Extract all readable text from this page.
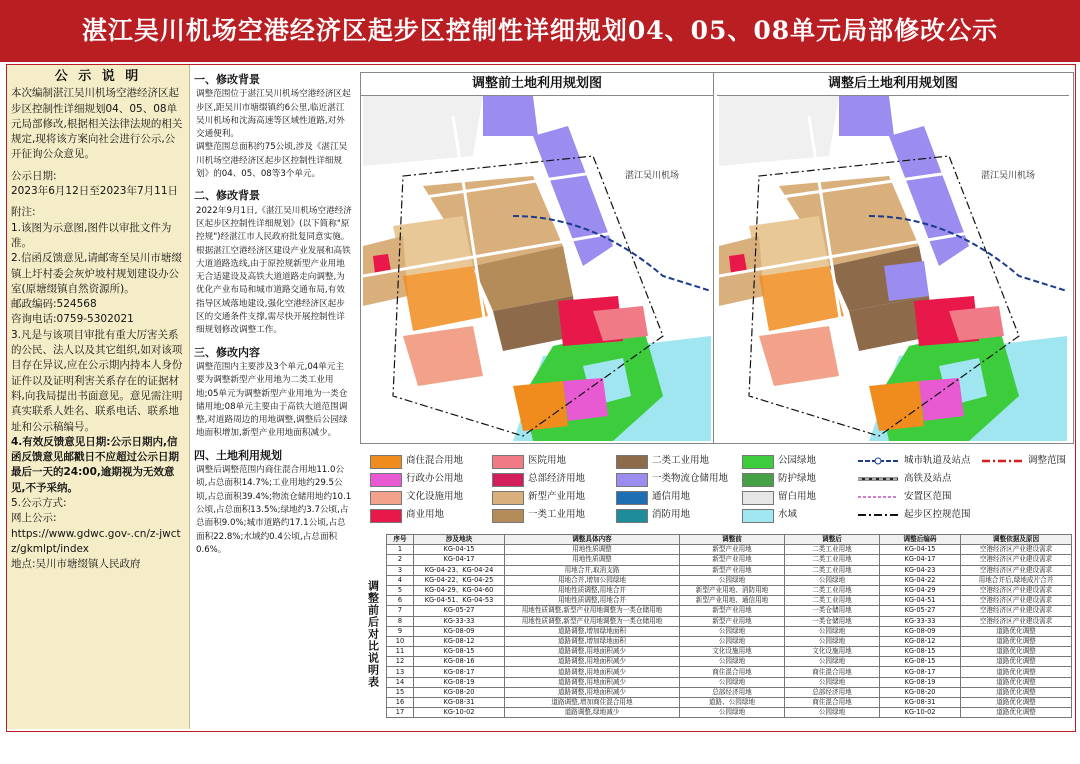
湛江吴川机场空港经济区起步区控制性详细规划04、05、08单元局部修改公示
公 示 说 明

本次编制湛江吴川机场空港经济区起步区控制性详细规划04、05、08单元局部修改,根据相关法律法规的相关规定,现将该方案向社会进行公示,公开征询公众意见。

公示日期:

2023年6月12日至2023年7月11日

附注:

1.该图为示意图,图件以审批文件为准。

2.信函反馈意见,请邮寄至吴川市塘缀镇上圩村委会灰炉坡村规划建设办公室(原塘缀镇自然资源所)。

邮政编码:524568

咨询电话:0759-5302021

3.凡是与该项目审批有重大厉害关系的公民、法人以及其它组织,如对该项目存在异议,应在公示期内持本人身份证件以及证明利害关系存在的证据材料,向我局提出书面意见。意见需注明真实联系人姓名、联系电话、联系地址和公示稿编号。

4.有效反馈意见日期:公示日期内,信函反馈意见邮戳日不应超过公示日期最后一天的24:00,逾期视为无效意见,不予采纳。

5.公示方式:

网上公示:

https://www.gdwc.gov-.cn/z-jwctz/gkmlpt/index

地点:吴川市塘缀镇人民政府

一、修改背景

调整范围位于湛江吴川机场空港经济区起步区,距吴川市塘缀镇约6公里,临近湛江吴川机场和沈海高速等区域性道路,对外交通便利。

调整范围总面积约75公顷,涉及《湛江吴川机场空港经济区起步区控制性详细规划》的04、05、08等3个单元。

二、修改背景

2022年9月1日,《湛江吴川机场空港经济区起步区控制性详细规划》(以下简称"原控规")经湛江市人民政府批复同意实施。

根据湛江空港经济区建设产业发展和高铁大道道路选线,由于原控规新型产业用地无合适建设及高铁大道道路走向调整,为优化产业布局和城市道路交通布局,有效指导区域落地建设,强化空港经济区起步区的交通条件支撑,需尽快开展控制性详细规划修改调整工作。

三、修改内容

调整范围内主要涉及3个单元,04单元主要为调整新型产业用地为二类工业用地;05单元为调整新型产业用地为一类仓储用地;08单元主要由于高铁大道范围调整,对道路周边的用地调整,调整后公园绿地面积增加,新型产业用地面积减少。

四、土地利用规划

调整后调整范围内商住混合用地11.0公顷,占总面积14.7%;工业用地约29.5公顷,占总面积39.4%;物流仓储用地约10.1公顷,占总面积13.5%;绿地约3.7公顷,占总面积9.0%;城市道路约17.1公顷,占总面积22.8%;水域约0.4公顷,占总面积0.6%。

调整前土地利用规划图
湛江吴川机场
调整后土地利用规划图
湛江吴川机场
商住混合用地
行政办公用地
文化设施用地
商业用地
医院用地
总部经济用地
新型产业用地
一类工业用地
二类工业用地
一类物流仓储用地
通信用地
消防用地
公园绿地
防护绿地
留白用地
水域
城市轨道及站点
高铁及站点
安置区范围
起步区控规范围
调整范围
调整前后对比说明表
序号	涉及地块	调整具体内容	调整前	调整后	调整后编码	调整依据及原因
1	KG-04-15	用地性质调整	新型产业用地	二类工业用地	KG-04-15	空港经济区产业建设需求
2	KG-04-17	用地性质调整	新型产业用地	二类工业用地	KG-04-17	空港经济区产业建设需求
3	KG-04-23、KG-04-24	用地合并,取消支路	新型产业用地	二类工业用地	KG-04-23	空港经济区产业建设需求
4	KG-04-22、KG-04-25	用地合并,增加公园绿地	公园绿地	公园绿地	KG-04-22	用地合并后,绿地成片合并
5	KG-04-29、KG-04-60	用地性质调整,用地合并	新型产业用地、消防用地	二类工业用地	KG-04-29	空港经济区产业建设需求
6	KG-04-51、KG-04-53	用地性质调整,用地合并	新型产业用地、通信用地	二类工业用地	KG-04-51	空港经济区产业建设需求
7	KG-05-27	用地性质调整,新型产业用地调整为一类仓储用地	新型产业用地	一类仓储用地	KG-05-27	空港经济区产业建设需求
8	KG-33-33	用地性质调整,新型产业用地调整为一类仓储用地	新型产业用地	一类仓储用地	KG-33-33	空港经济区产业建设需求
9	KG-08-09	道路调整,增加绿地面积	公园绿地	公园绿地	KG-08-09	道路优化调整
10	KG-08-12	道路调整,增加绿地面积	公园绿地	公园绿地	KG-08-12	道路优化调整
11	KG-08-15	道路调整,用地面积减少	文化设施用地	文化设施用地	KG-08-15	道路优化调整
12	KG-08-16	道路调整,用地面积减少	公园绿地	公园绿地	KG-08-15	道路优化调整
13	KG-08-17	道路调整,用地面积减少	商住混合用地	商住混合用地	KG-08-17	道路优化调整
14	KG-08-19	道路调整,用地面积减少	公园绿地	公园绿地	KG-08-19	道路优化调整
15	KG-08-20	道路调整,用地面积减少	总部经济用地	总部经济用地	KG-08-20	道路优化调整
16	KG-08-31	道路调整,增加商住混合用地	道路、公园绿地	商住混合用地	KG-08-31	道路优化调整
17	KG-10-02	道路调整,绿地减少	公园绿地	公园绿地	KG-10-02	道路优化调整
